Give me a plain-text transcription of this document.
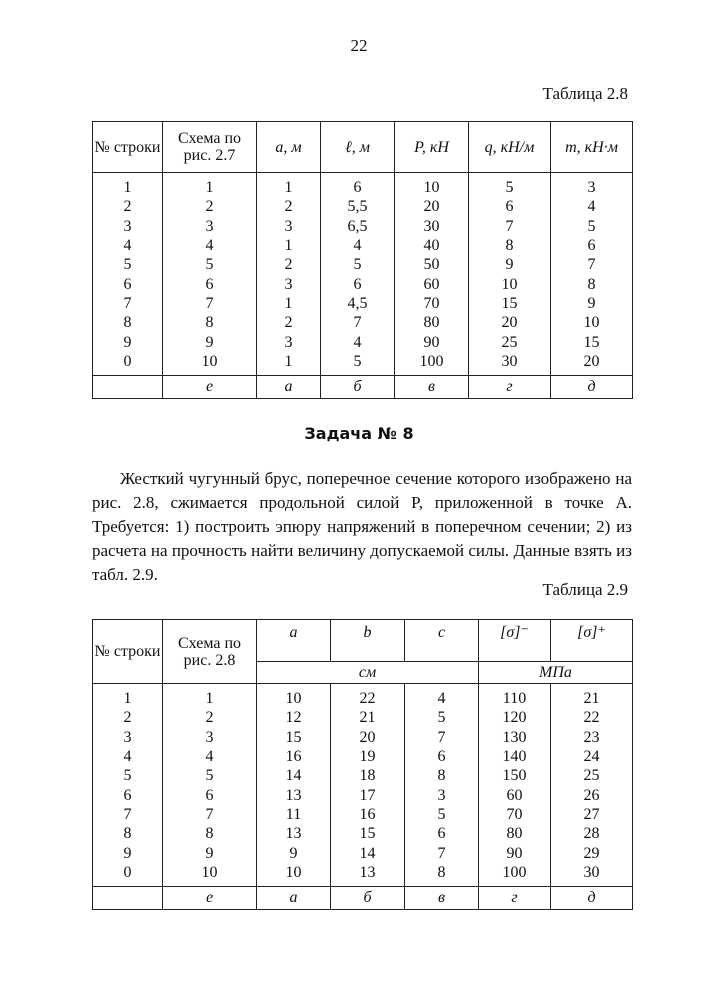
22
Таблица 2.8
№ строки	Схема по рис. 2.7	a, м	ℓ, м	P, кН	q, кН/м	m, кН·м
1	1	1	6	10	5	3
2	2	2	5,5	20	6	4
3	3	3	6,5	30	7	5
4	4	1	4	40	8	6
5	5	2	5	50	9	7
6	6	3	6	60	10	8
7	7	1	4,5	70	15	9
8	8	2	7	80	20	10
9	9	3	4	90	25	15
0	10	1	5	100	30	20
	е	а	б	в	г	д
Задача № 8

Жесткий чугунный брус, поперечное сечение которого изображено на рис. 2.8, сжимается продольной силой P, приложенной в точке А. Требуется: 1) построить эпюру напряжений в поперечном сечении; 2) из расчета на прочность найти величину допускаемой силы. Данные взять из табл. 2.9.

Таблица 2.9
№ строки	Схема по рис. 2.8	a	b	c	[σ]⁻	[σ]⁺
		см			МПа	
1	1	10	22	4	110	21
2	2	12	21	5	120	22
3	3	15	20	7	130	23
4	4	16	19	6	140	24
5	5	14	18	8	150	25
6	6	13	17	3	60	26
7	7	11	16	5	70	27
8	8	13	15	6	80	28
9	9	9	14	7	90	29
0	10	10	13	8	100	30
	е	а	б	в	г	д
